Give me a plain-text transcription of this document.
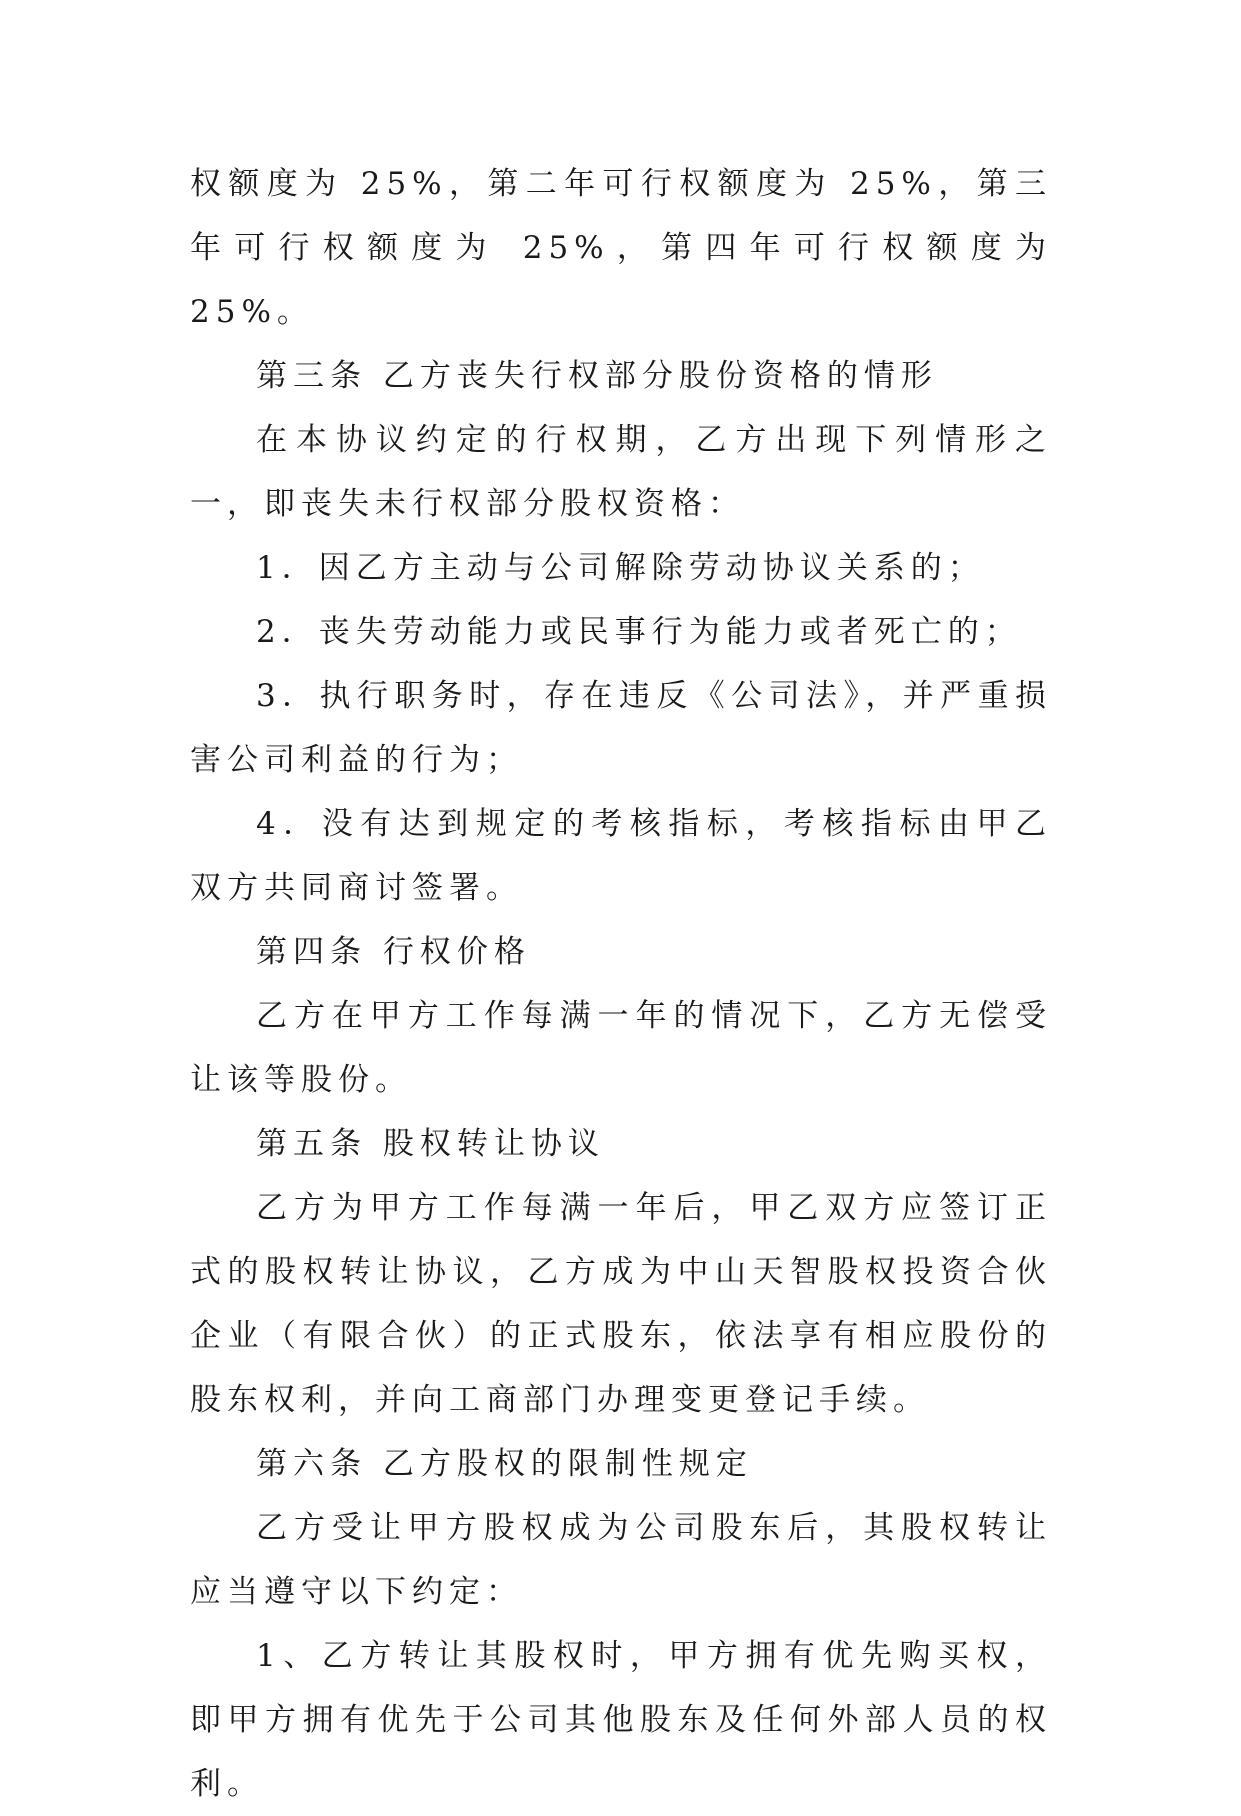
权额度为 25%，第二年可行权额度为 25%，第三年可行权额度为 25%，第四年可行权额度为 25%。

第三条 乙方丧失行权部分股份资格的情形

在本协议约定的行权期，乙方出现下列情形之一，即丧失未行权部分股权资格：

1．因乙方主动与公司解除劳动协议关系的；

2．丧失劳动能力或民事行为能力或者死亡的；

3．执行职务时，存在违反《公司法》，并严重损害公司利益的行为；

4．没有达到规定的考核指标，考核指标由甲乙双方共同商讨签署。

第四条 行权价格

乙方在甲方工作每满一年的情况下，乙方无偿受让该等股份。

第五条 股权转让协议

乙方为甲方工作每满一年后，甲乙双方应签订正式的股权转让协议，乙方成为中山天智股权投资合伙企业（有限合伙）的正式股东，依法享有相应股份的股东权利，并向工商部门办理变更登记手续。

第六条 乙方股权的限制性规定

乙方受让甲方股权成为公司股东后，其股权转让应当遵守以下约定：

1、乙方转让其股权时，甲方拥有优先购买权，即甲方拥有优先于公司其他股东及任何外部人员的权利。
